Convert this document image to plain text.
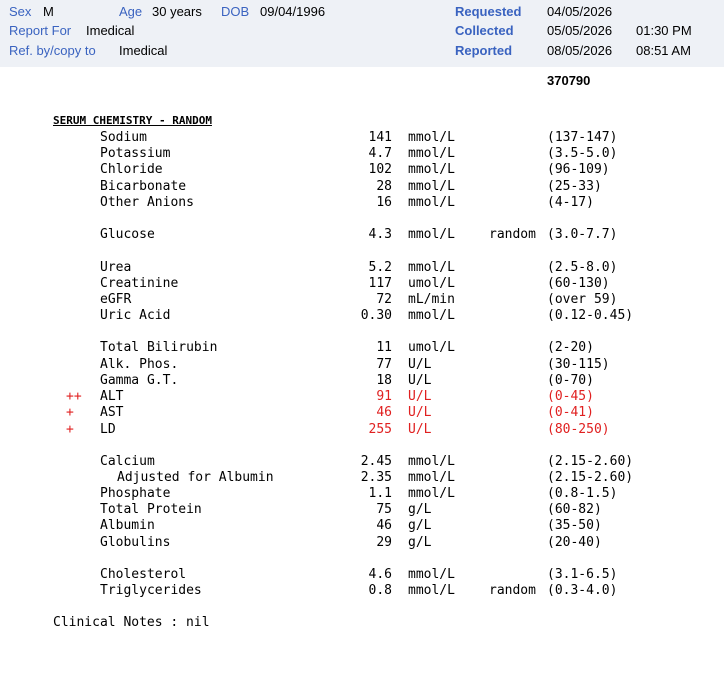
Sex M	Age 30 years DOB 09/04/1996
Report For Imedical
Ref. by/copy to Imedical
Requested 04/05/2026
Collected	05/05/2026 01:30 PM
Reported	08/05/2026 08:51 AM
370790
SERUM CHEMISTRY - RANDOM
Sodium	141 mmol/L	(137-147)
Potassium	4.7 mmol/L	(3.5-5.0)
Chloride	102 mmol/L	(96-109)
Bicarbonate	28 mmol/L	(25-33)
Other Anions	16 mmol/L	(4-17)
Glucose	4.3 mmol/L	random (3.0-7.7)
Urea	5.2 mmol/L	(2.5-8.0)
Creatinine	117 umol/L	(60-130)
eGFR	72 mL/min	(over 59)
Uric Acid	0.30 mmol/L	(0.12-0.45)
Total Bilirubin	11 umol/L	(2-20)
Alk. Phos.	77 U/L	(30-115)
Gamma G.T.	18 U/L	(0-70)
++	ALT	91 U/L	(0-45)
+	AST	46 U/L	(0-41)
+	LD	255 U/L	(80-250)
Calcium	2.45 mmol/L	(2.15-2.60)
Adjusted for Albumin	2.35 mmol/L	(2.15-2.60)
Phosphate	1.1 mmol/L	(0.8-1.5)
Total Protein	75 g/L	(60-82)
Albumin	46 g/L	(35-50)
Globulins	29 g/L	(20-40)
Cholesterol	4.6 mmol/L	(3.1-6.5)
Triglycerides	0.8 mmol/L	random (0.3-4.0)
Clinical Notes : nil
